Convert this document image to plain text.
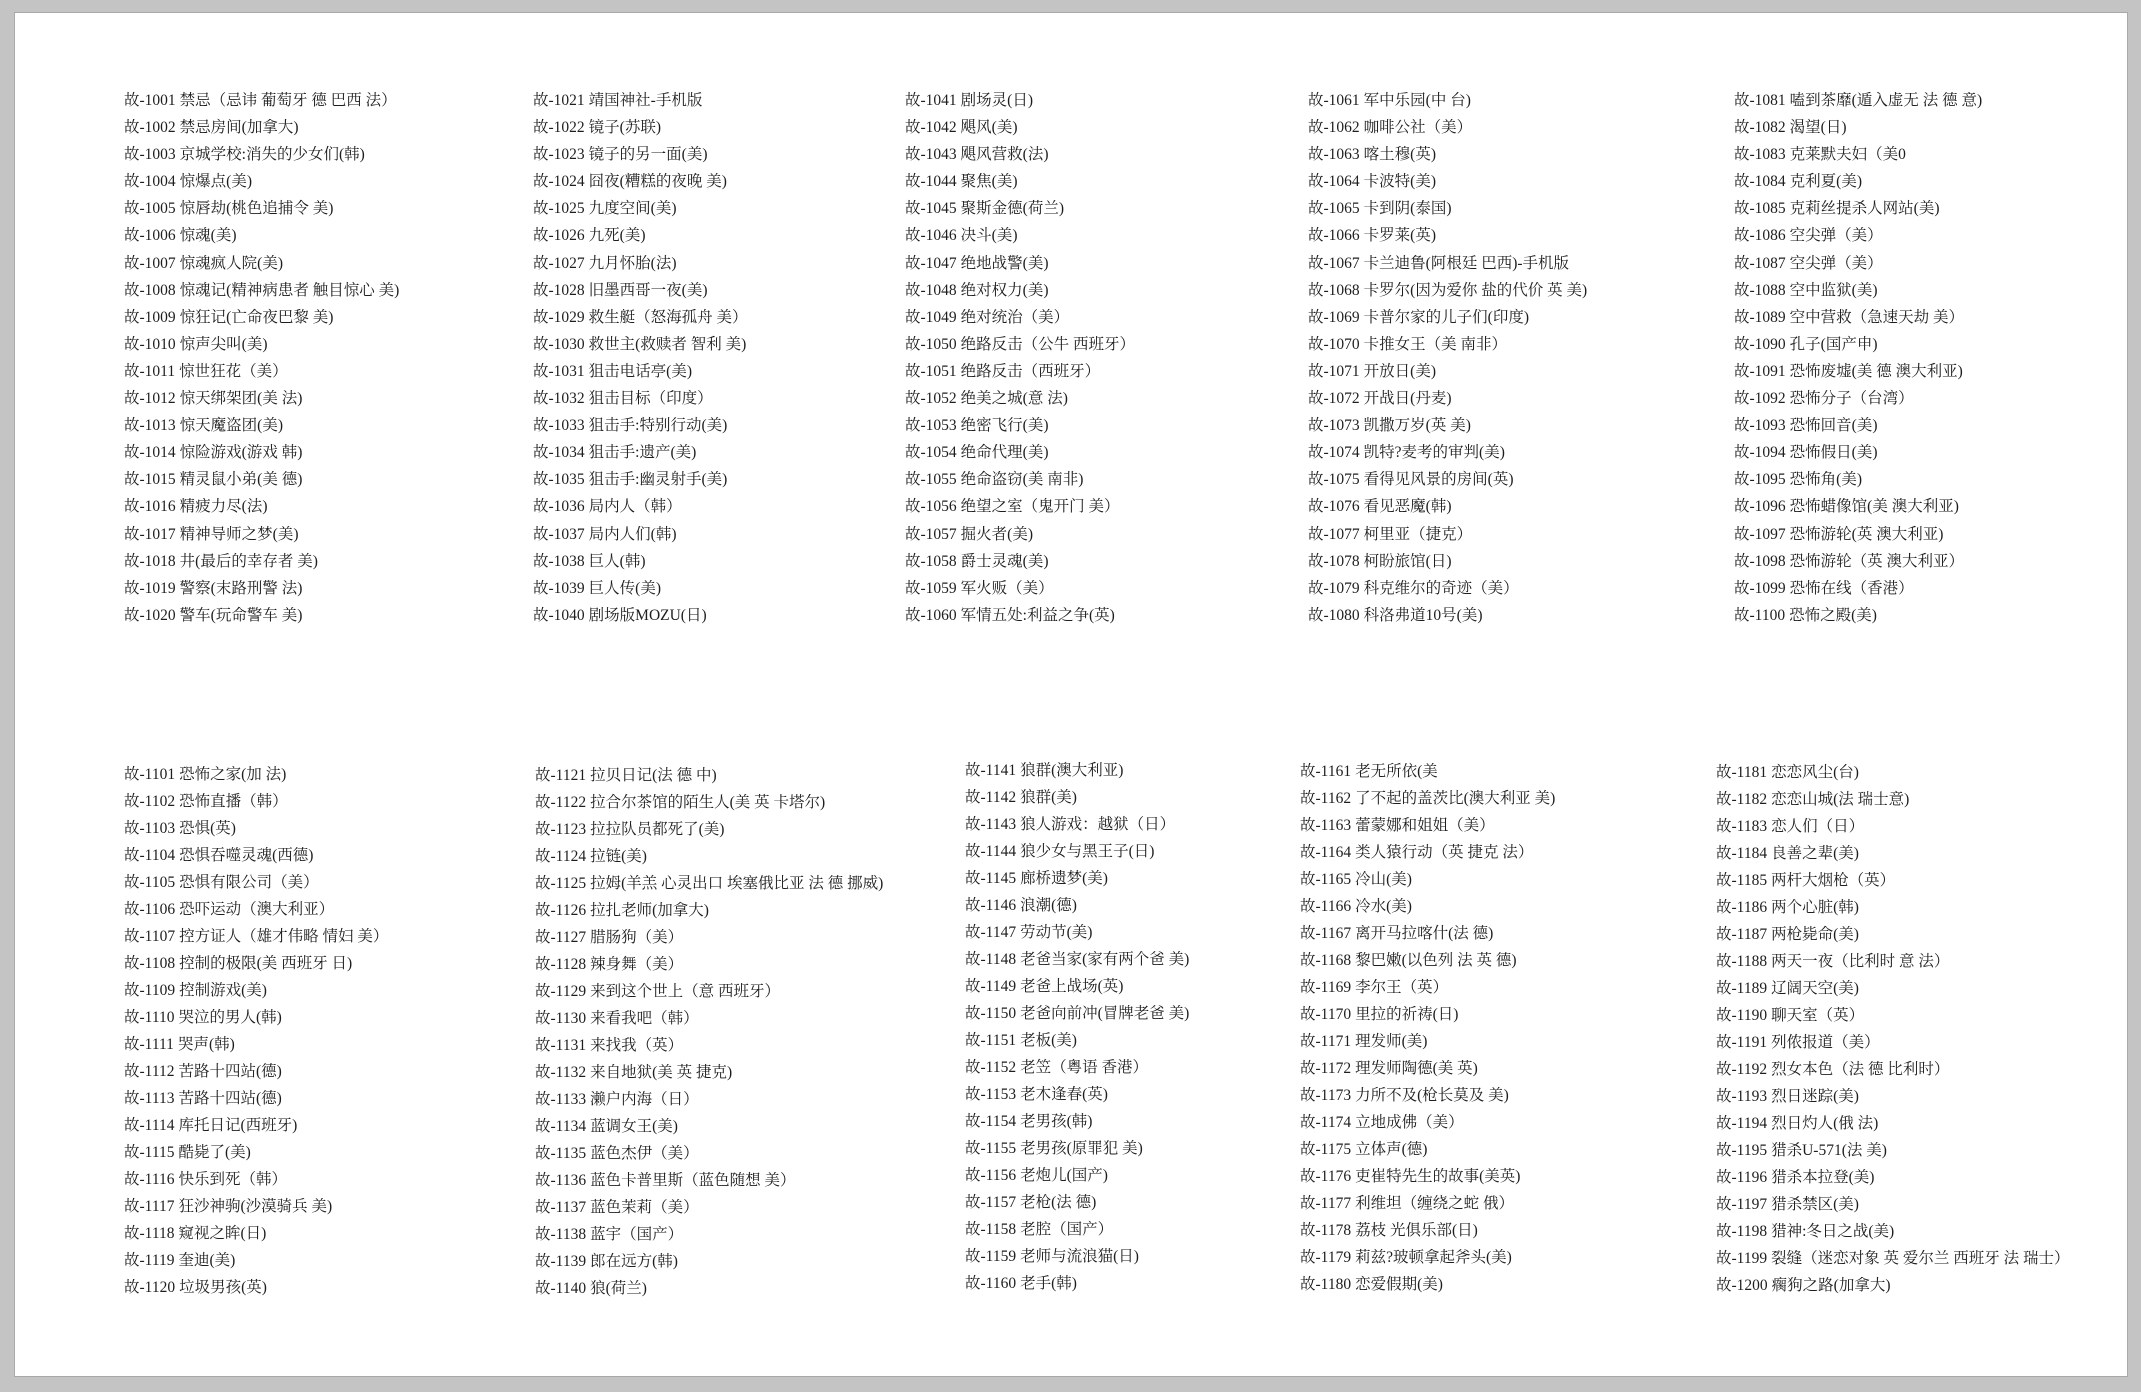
故-1001 禁忌（忌讳 葡萄牙 德 巴西 法）
故-1002 禁忌房间(加拿大)
故-1003 京城学校:消失的少女们(韩)
故-1004 惊爆点(美)
故-1005 惊唇劫(桃色追捕令 美)
故-1006 惊魂(美)
故-1007 惊魂疯人院(美)
故-1008 惊魂记(精神病患者 触目惊心 美)
故-1009 惊狂记(亡命夜巴黎 美)
故-1010 惊声尖叫(美)
故-1011 惊世狂花（美）
故-1012 惊天绑架团(美 法)
故-1013 惊天魔盗团(美)
故-1014 惊险游戏(游戏 韩)
故-1015 精灵鼠小弟(美 德)
故-1016 精疲力尽(法)
故-1017 精神导师之梦(美)
故-1018 井(最后的幸存者 美)
故-1019 警察(末路刑警 法)
故-1020 警车(玩命警车 美)
故-1021 靖国神社-手机版
故-1022 镜子(苏联)
故-1023 镜子的另一面(美)
故-1024 囧夜(糟糕的夜晚 美)
故-1025 九度空间(美)
故-1026 九死(美)
故-1027 九月怀胎(法)
故-1028 旧墨西哥一夜(美)
故-1029 救生艇（怒海孤舟 美）
故-1030 救世主(救赎者 智利 美)
故-1031 狙击电话亭(美)
故-1032 狙击目标（印度）
故-1033 狙击手:特别行动(美)
故-1034 狙击手:遗产(美)
故-1035 狙击手:幽灵射手(美)
故-1036 局内人（韩）
故-1037 局内人们(韩)
故-1038 巨人(韩)
故-1039 巨人传(美)
故-1040 剧场版MOZU(日)
故-1041 剧场灵(日)
故-1042 飓风(美)
故-1043 飓风营救(法)
故-1044 聚焦(美)
故-1045 聚斯金德(荷兰)
故-1046 决斗(美)
故-1047 绝地战警(美)
故-1048 绝对权力(美)
故-1049 绝对统治（美）
故-1050 绝路反击（公牛 西班牙）
故-1051 绝路反击（西班牙）
故-1052 绝美之城(意 法)
故-1053 绝密飞行(美)
故-1054 绝命代理(美)
故-1055 绝命盗窃(美 南非)
故-1056 绝望之室（鬼开门 美）
故-1057 掘火者(美)
故-1058 爵士灵魂(美)
故-1059 军火贩（美）
故-1060 军情五处:利益之争(英)
故-1061 军中乐园(中 台)
故-1062 咖啡公社（美）
故-1063 喀土穆(英)
故-1064 卡波特(美)
故-1065 卡到阴(泰国)
故-1066 卡罗莱(英)
故-1067 卡兰迪鲁(阿根廷 巴西)-手机版
故-1068 卡罗尔(因为爱你 盐的代价 英 美)
故-1069 卡普尔家的儿子们(印度)
故-1070 卡推女王（美 南非）
故-1071 开放日(美)
故-1072 开战日(丹麦)
故-1073 凯撒万岁(英 美)
故-1074 凯特?麦考的审判(美)
故-1075 看得见风景的房间(英)
故-1076 看见恶魔(韩)
故-1077 柯里亚（捷克）
故-1078 柯盼旅馆(日)
故-1079 科克维尔的奇迹（美）
故-1080 科洛弗道10号(美)
故-1081 嗑到茶靡(遁入虚无 法 德 意)
故-1082 渴望(日)
故-1083 克莱默夫妇（美0
故-1084 克利夏(美)
故-1085 克莉丝提杀人网站(美)
故-1086 空尖弹（美）
故-1087 空尖弹（美）
故-1088 空中监狱(美)
故-1089 空中营救（急速天劫 美）
故-1090 孔子(国产申)
故-1091 恐怖废墟(美 德 澳大利亚)
故-1092 恐怖分子（台湾）
故-1093 恐怖回音(美)
故-1094 恐怖假日(美)
故-1095 恐怖角(美)
故-1096 恐怖蜡像馆(美 澳大利亚)
故-1097 恐怖游轮(英 澳大利亚)
故-1098 恐怖游轮（英 澳大利亚）
故-1099 恐怖在线（香港）
故-1100 恐怖之殿(美)
故-1101 恐怖之家(加 法)
故-1102 恐怖直播（韩）
故-1103 恐惧(英)
故-1104 恐惧吞噬灵魂(西德)
故-1105 恐惧有限公司（美）
故-1106 恐吓运动（澳大利亚）
故-1107 控方证人（雄才伟略 情妇 美）
故-1108 控制的极限(美 西班牙 日)
故-1109 控制游戏(美)
故-1110 哭泣的男人(韩)
故-1111 哭声(韩)
故-1112 苦路十四站(德)
故-1113 苦路十四站(德)
故-1114 库托日记(西班牙)
故-1115 酷毙了(美)
故-1116 快乐到死（韩）
故-1117 狂沙神驹(沙漠骑兵 美)
故-1118 窥视之眸(日)
故-1119 奎迪(美)
故-1120 垃圾男孩(英)
故-1121 拉贝日记(法 德 中)
故-1122 拉合尔茶馆的陌生人(美 英 卡塔尔)
故-1123 拉拉队员都死了(美)
故-1124 拉链(美)
故-1125 拉姆(羊羔 心灵出口 埃塞俄比亚 法 德 挪威)
故-1126 拉扎老师(加拿大)
故-1127 腊肠狗（美）
故-1128 辣身舞（美）
故-1129 来到这个世上（意 西班牙）
故-1130 来看我吧（韩）
故-1131 来找我（英）
故-1132 来自地狱(美 英 捷克)
故-1133 濑户内海（日）
故-1134 蓝调女王(美)
故-1135 蓝色杰伊（美）
故-1136 蓝色卡普里斯（蓝色随想 美）
故-1137 蓝色茉莉（美）
故-1138 蓝宇（国产）
故-1139 郎在远方(韩)
故-1140 狼(荷兰)
故-1141 狼群(澳大利亚)
故-1142 狼群(美)
故-1143 狼人游戏：越狱（日）
故-1144 狼少女与黑王子(日)
故-1145 廊桥遗梦(美)
故-1146 浪潮(德)
故-1147 劳动节(美)
故-1148 老爸当家(家有两个爸 美)
故-1149 老爸上战场(英)
故-1150 老爸向前冲(冒牌老爸 美)
故-1151 老板(美)
故-1152 老笠（粤语 香港）
故-1153 老木逢春(英)
故-1154 老男孩(韩)
故-1155 老男孩(原罪犯 美)
故-1156 老炮儿(国产)
故-1157 老枪(法 德)
故-1158 老腔（国产）
故-1159 老师与流浪猫(日)
故-1160 老手(韩)
故-1161 老无所依(美
故-1162 了不起的盖茨比(澳大利亚 美)
故-1163 蕾蒙娜和姐姐（美）
故-1164 类人猿行动（英 捷克 法）
故-1165 冷山(美)
故-1166 冷水(美)
故-1167 离开马拉喀什(法 德)
故-1168 黎巴嫩(以色列 法 英 德)
故-1169 李尔王（英）
故-1170 里拉的祈祷(日)
故-1171 理发师(美)
故-1172 理发师陶德(美 英)
故-1173 力所不及(枪长莫及 美)
故-1174 立地成佛（美）
故-1175 立体声(德)
故-1176 吏崔特先生的故事(美英)
故-1177 利维坦（缠绕之蛇 俄）
故-1178 荔枝 光俱乐部(日)
故-1179 莉兹?玻顿拿起斧头(美)
故-1180 恋爱假期(美)
故-1181 恋恋风尘(台)
故-1182 恋恋山城(法 瑞士意)
故-1183 恋人们（日）
故-1184 良善之辈(美)
故-1185 两杆大烟枪（英）
故-1186 两个心脏(韩)
故-1187 两枪毙命(美)
故-1188 两天一夜（比利时 意 法）
故-1189 辽阔天空(美)
故-1190 聊天室（英）
故-1191 列侬报道（美）
故-1192 烈女本色（法 德 比利时）
故-1193 烈日迷踪(美)
故-1194 烈日灼人(俄 法)
故-1195 猎杀U-571(法 美)
故-1196 猎杀本拉登(美)
故-1197 猎杀禁区(美)
故-1198 猎神:冬日之战(美)
故-1199 裂缝（迷恋对象 英 爱尔兰 西班牙 法 瑞士）
故-1200 瘸狗之路(加拿大)
